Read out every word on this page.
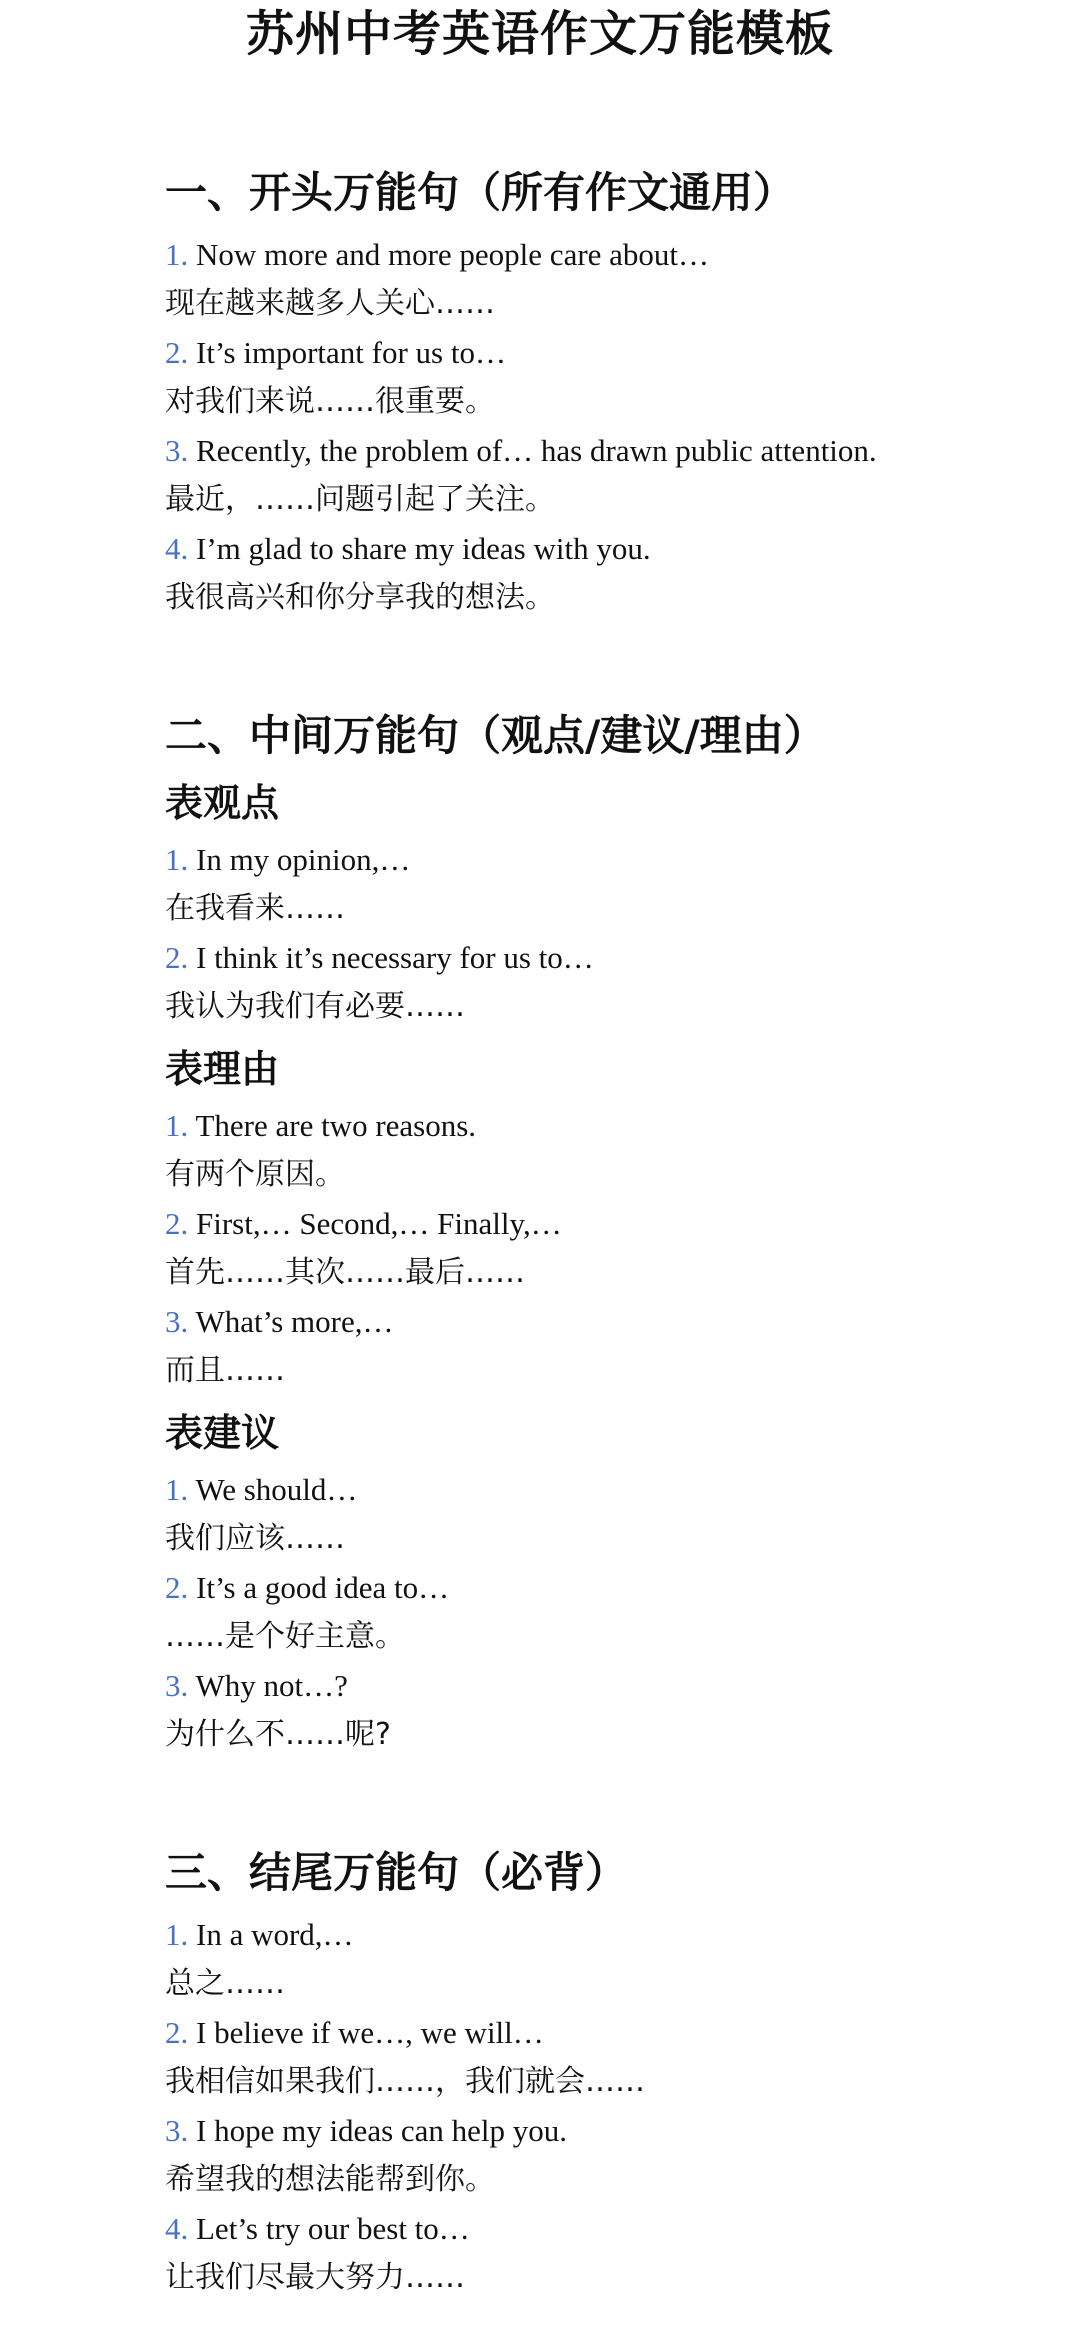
苏州中考英语作文万能模板
一、开头万能句（所有作文通用）
1. Now more and more people care about…
现在越来越多人关心……
2. It’s important for us to…
对我们来说……很重要。
3. Recently, the problem of… has drawn public attention.
最近，……问题引起了关注。
4. I’m glad to share my ideas with you.
我很高兴和你分享我的想法。
二、中间万能句（观点/建议/理由）
表观点
1. In my opinion,…
在我看来……
2. I think it’s necessary for us to…
我认为我们有必要……
表理由
1. There are two reasons.
有两个原因。
2. First,… Second,… Finally,…
首先……其次……最后……
3. What’s more,…
而且……
表建议
1. We should…
我们应该……
2. It’s a good idea to…
……是个好主意。
3. Why not…?
为什么不……呢?
三、结尾万能句（必背）
1. In a word,…
总之……
2. I believe if we…, we will…
我相信如果我们……，我们就会……
3. I hope my ideas can help you.
希望我的想法能帮到你。
4. Let’s try our best to…
让我们尽最大努力……
